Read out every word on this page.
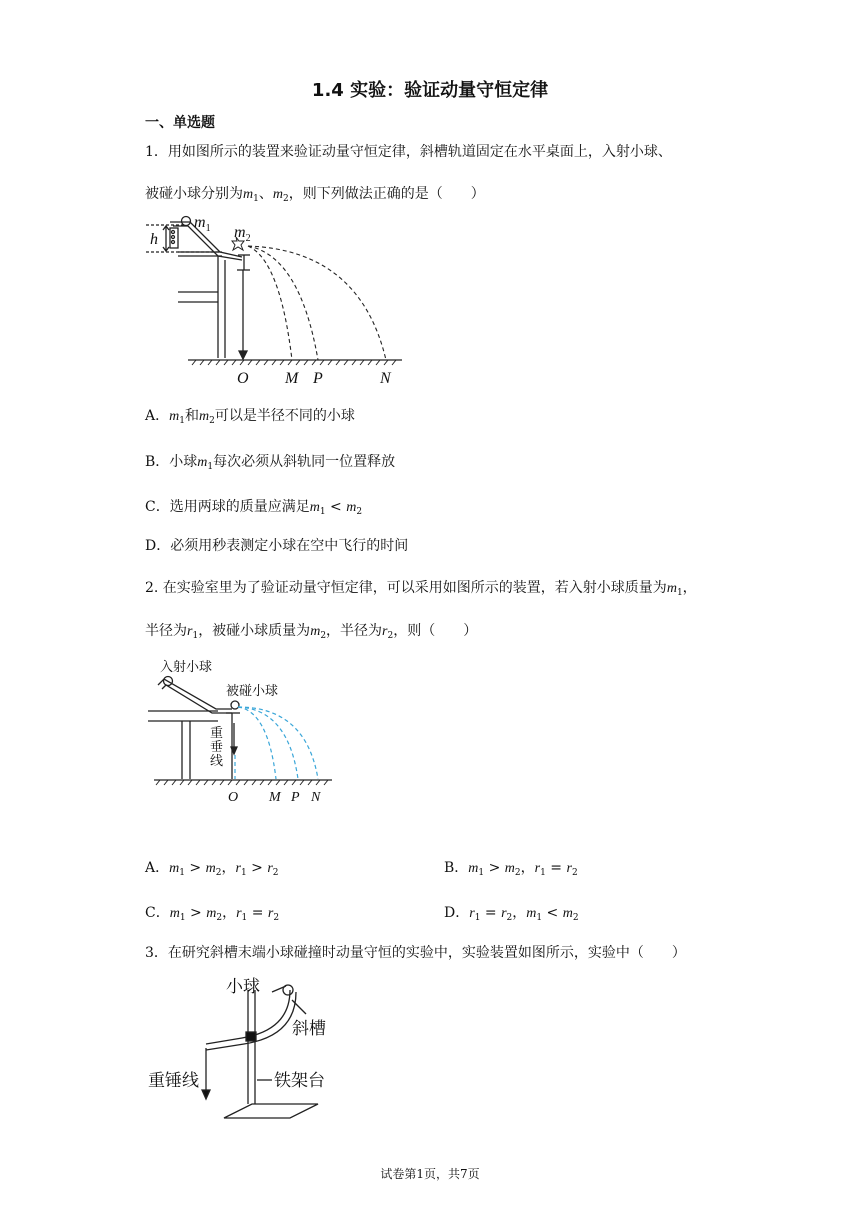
1.4 实验：验证动量守恒定律
一、单选题
1．用如图所示的装置来验证动量守恒定律，斜槽轨道固定在水平桌面上，入射小球、
被碰小球分别为$m_1$、$m_2$，则下列做法正确的是（　　）
h
$m_1$ $m_2$
O M P	N
A．$m_1$和$m_2$可以是半径不同的小球
B．小球$m_1$每次必须从斜轨同一位置释放
C．选用两球的质量应满足$m_1 < m_2$
D．必须用秒表测定小球在空中飞行的时间
2. 在实验室里为了验证动量守恒定律，可以采用如图所示的装置，若入射小球质量为$m_1$，
半径为$r_1$，被碰小球质量为$m_2$，半径为$r_2$，则（　　）
入射小球
被碰小球
重
垂
线
O M P N
A．$m_1 > m_2$，$r_1 > r_2$	B．$m_1 > m_2$，$r_1 = r_2$
C．$m_1 > m_2$，$r_1 = r_2$	D．$r_1 = r_2$，$m_1 < m_2$
3．在研究斜槽末端小球碰撞时动量守恒的实验中，实验装置如图所示，实验中（　　）
小球
斜槽
重锤线	铁架台
试卷第1页，共7页
